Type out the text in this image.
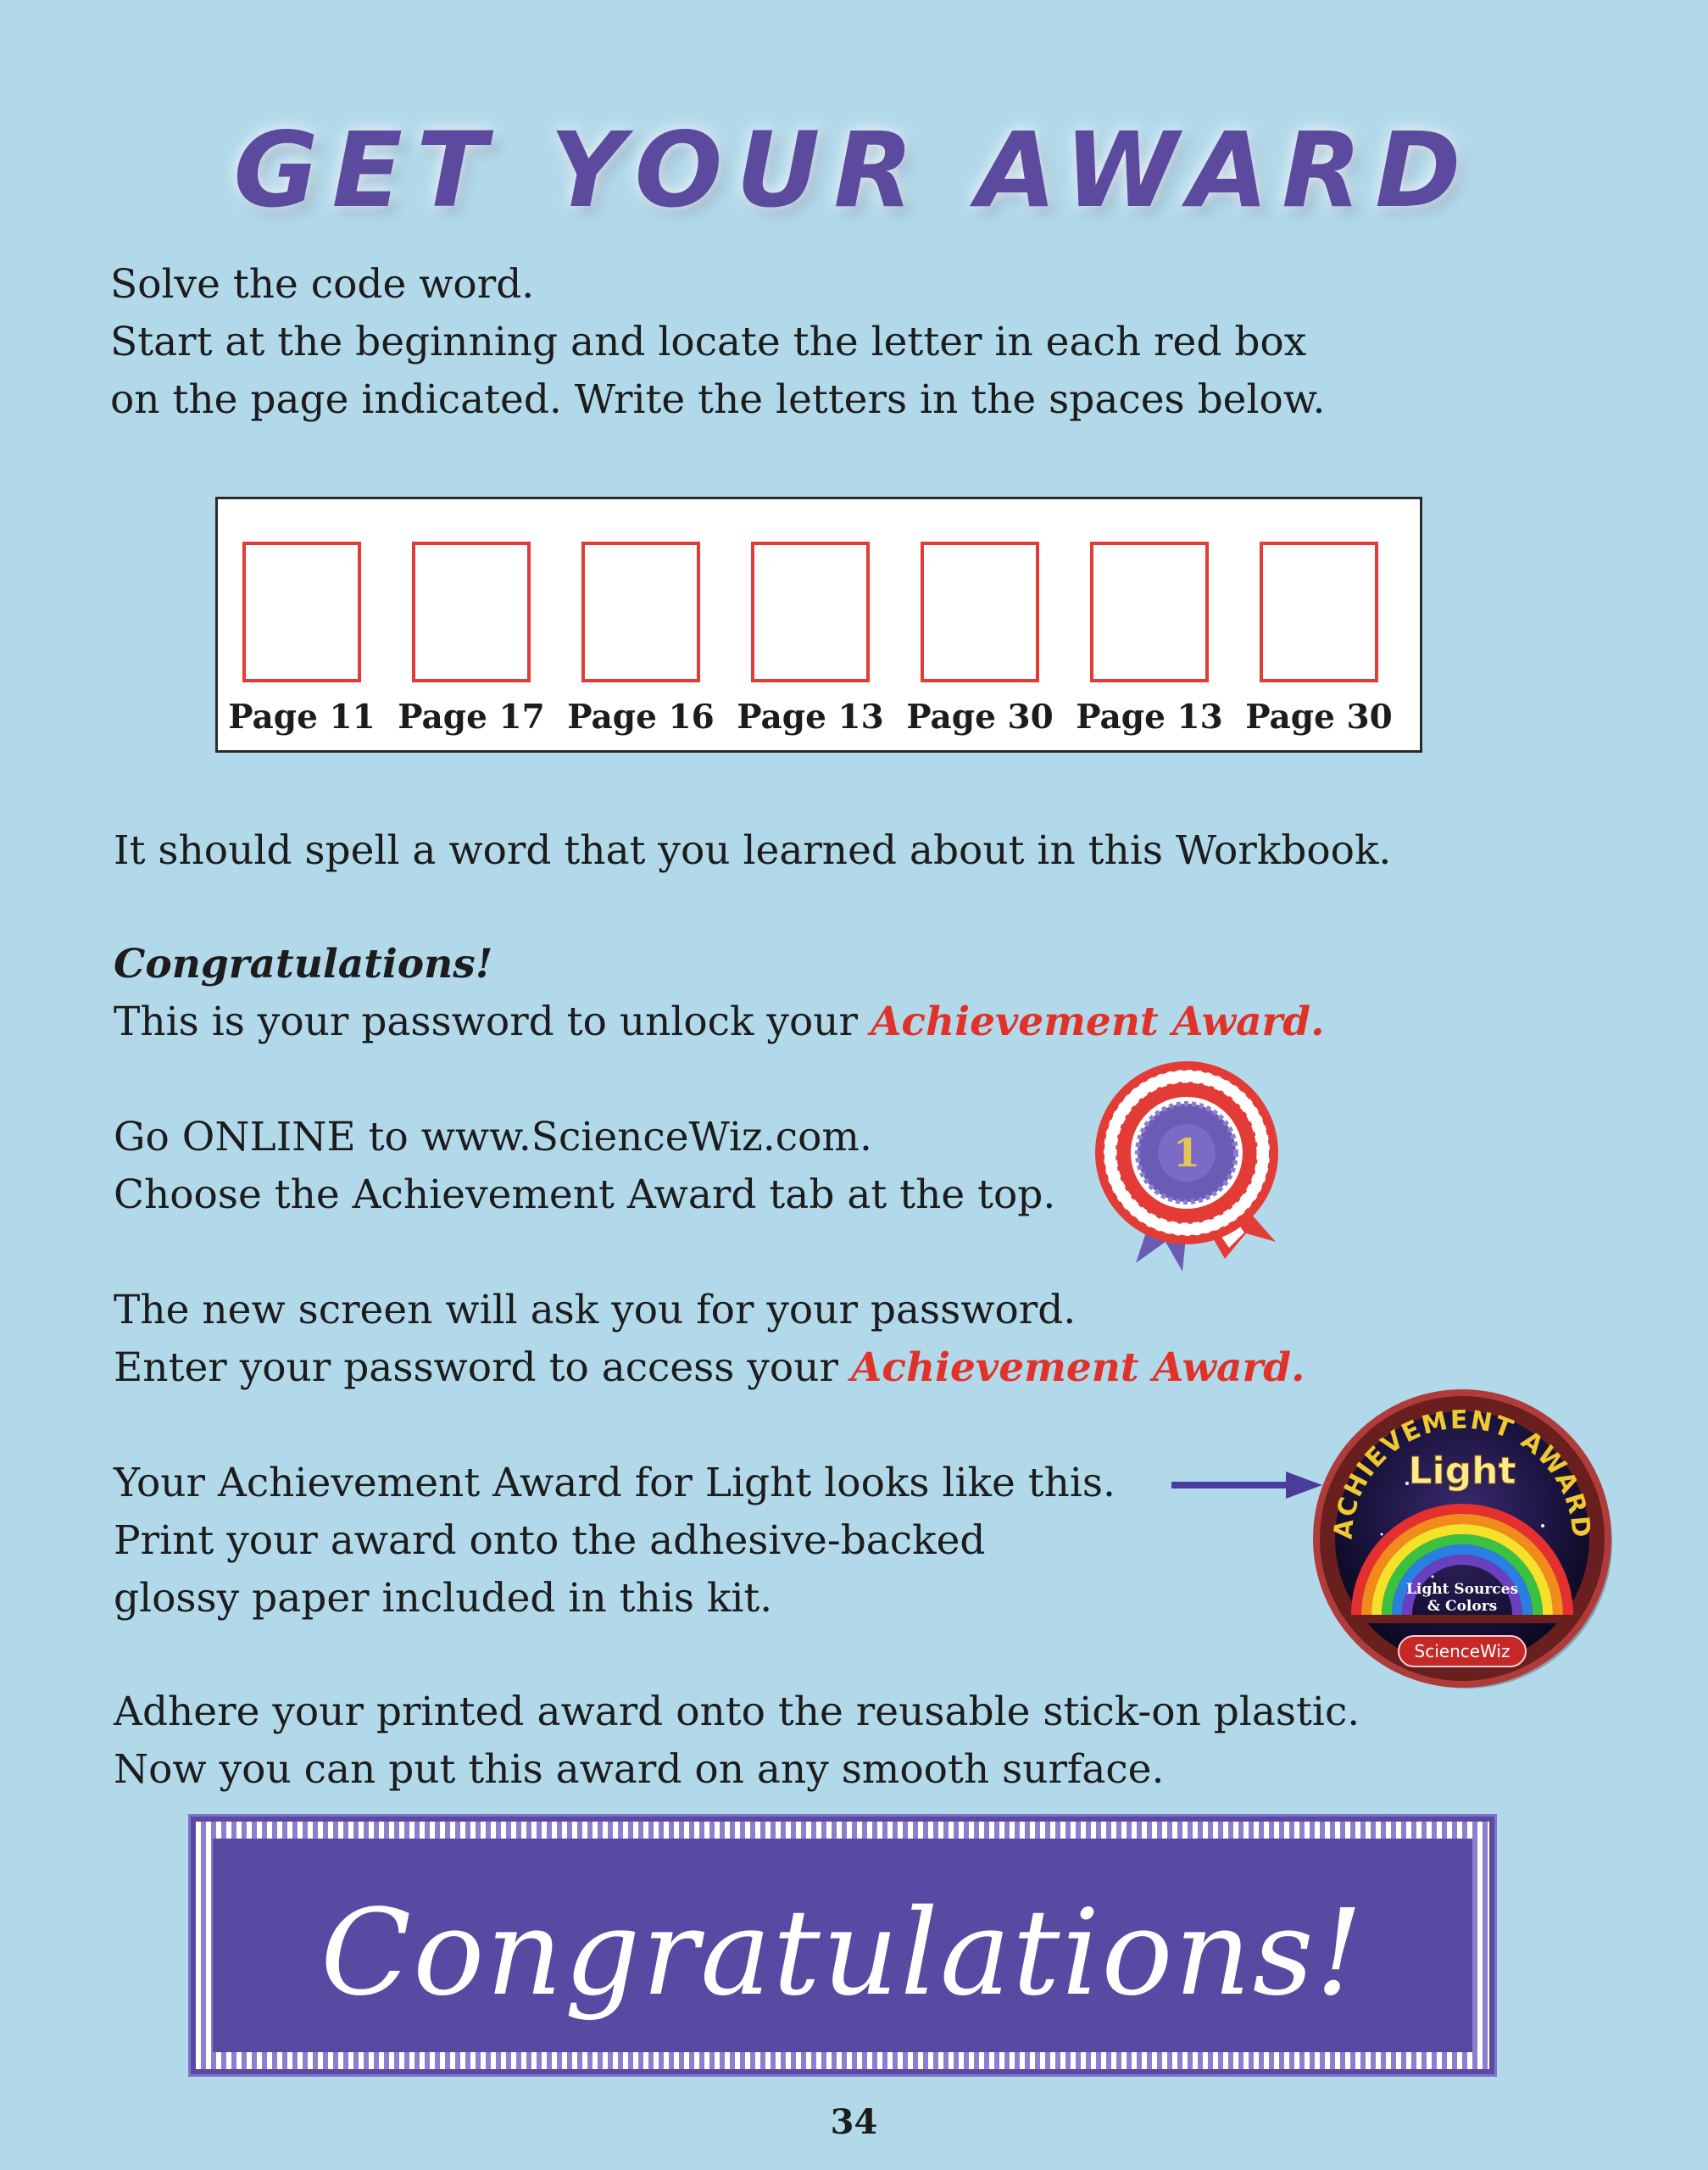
GET YOUR AWARD
Solve the code word.
Start at the beginning and locate the letter in each red box
on the page indicated. Write the letters in the spaces below.
Page 11 Page 17 Page 16 Page 13 Page 30 Page 13 Page 30
It should spell a word that you learned about in this Workbook.
Congratulations!
This is your password to unlock your Achievement Award.
Go ONLINE to www.ScienceWiz.com.
Choose the Achievement Award tab at the top.
1
The new screen will ask you for your password.
Enter your password to access your Achievement Award.
Your Achievement Award for Light looks like this.
Print your award onto the adhesive-backed
glossy paper included in this kit.
ACHIEVEMENT AWARD
Light
Light Sources
& Colors
ScienceWiz
Adhere your printed award onto the reusable stick-on plastic.
Now you can put this award on any smooth surface.
Congratulations!
34
